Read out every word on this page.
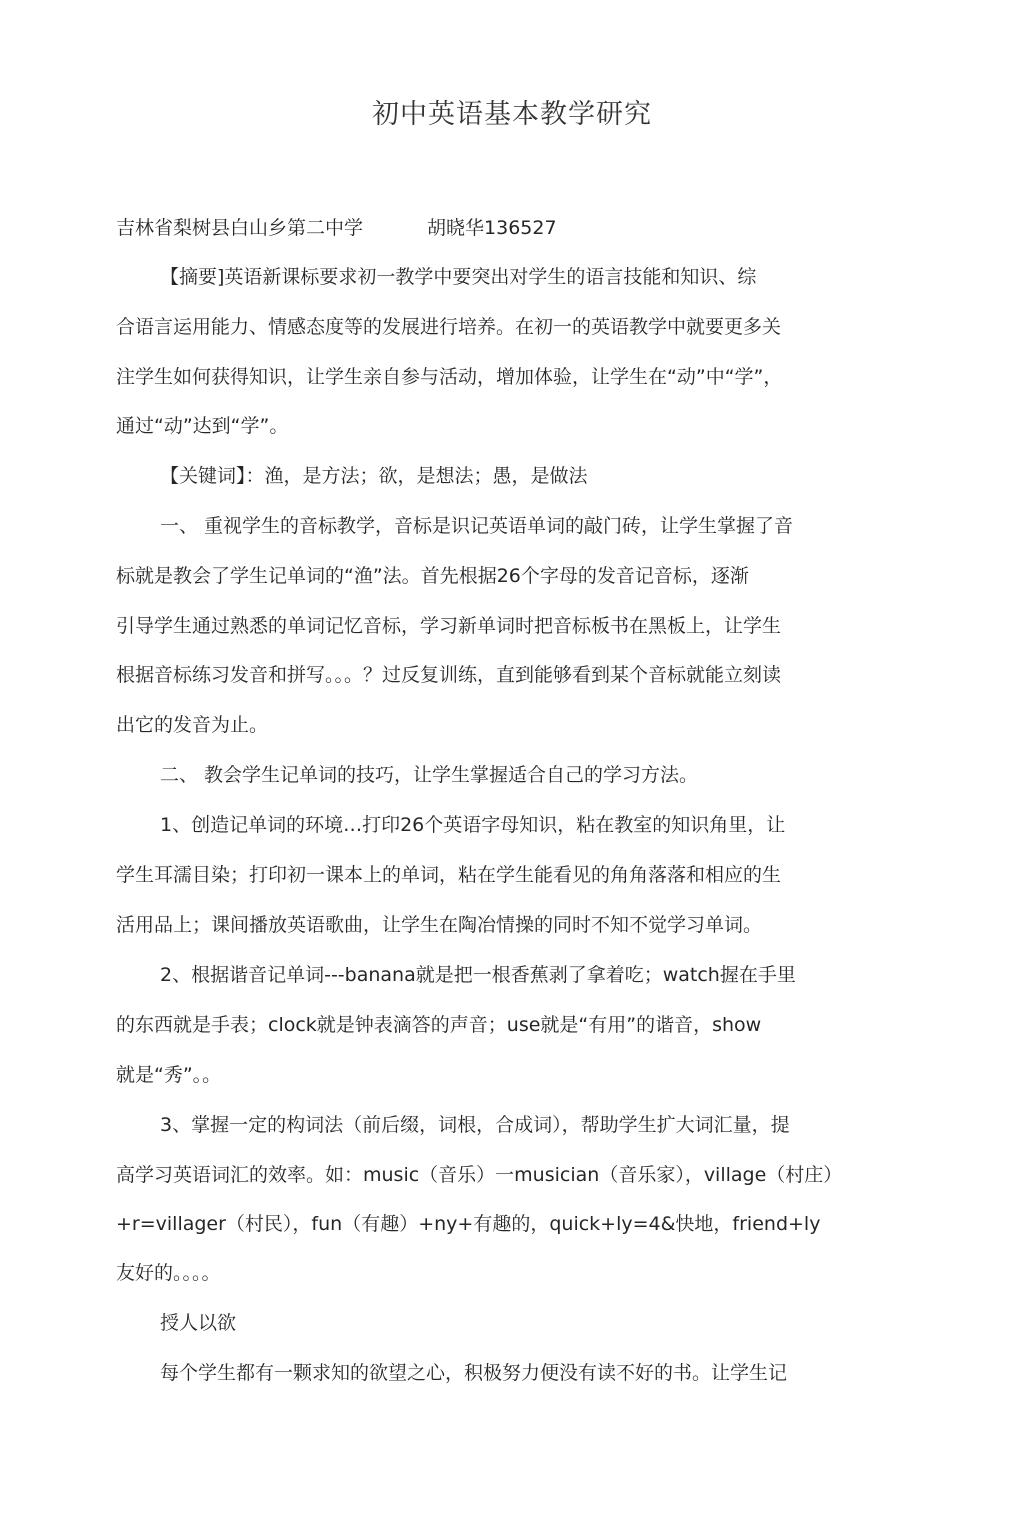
初中英语基本教学研究
吉林省梨树县白山乡第二中学	胡晓华136527
【摘要]英语新课标要求初一教学中要突出对学生的语言技能和知识、综
合语言运用能力、情感态度等的发展进行培养。在初一的英语教学中就要更多关
注学生如何获得知识，让学生亲自参与活动，增加体验，让学生在“动”中“学”，
通过“动”达到“学”。
【关键词】：渔，是方法；欲，是想法；愚，是做法
一、 重视学生的音标教学，音标是识记英语单词的敲门砖，让学生掌握了音
标就是教会了学生记单词的“渔”法。首先根据26个字母的发音记音标，逐渐
引导学生通过熟悉的单词记忆音标，学习新单词时把音标板书在黑板上，让学生
根据音标练习发音和拼写。。。？过反复训练，直到能够看到某个音标就能立刻读
出它的发音为止。
二、 教会学生记单词的技巧，让学生掌握适合自己的学习方法。
1、创造记单词的环境…打印26个英语字母知识，粘在教室的知识角里，让
学生耳濡目染；打印初一课本上的单词，粘在学生能看见的角角落落和相应的生
活用品上；课间播放英语歌曲，让学生在陶冶情操的同时不知不觉学习单词。
2、根据谐音记单词---banana就是把一根香蕉剥了拿着吃；watch握在手里
的东西就是手表；clock就是钟表滴答的声音；use就是“有用”的谐音，show
就是“秀”。。
3、掌握一定的构词法（前后缀，词根，合成词），帮助学生扩大词汇量，提
高学习英语词汇的效率。如：music（音乐）一musician（音乐家），village（村庄）
+r=villager（村民），fun（有趣）+ny+有趣的，quick+ly=4&快地，friend+ly
友好的。。。。
授人以欲
每个学生都有一颗求知的欲望之心，积极努力便没有读不好的书。让学生记
